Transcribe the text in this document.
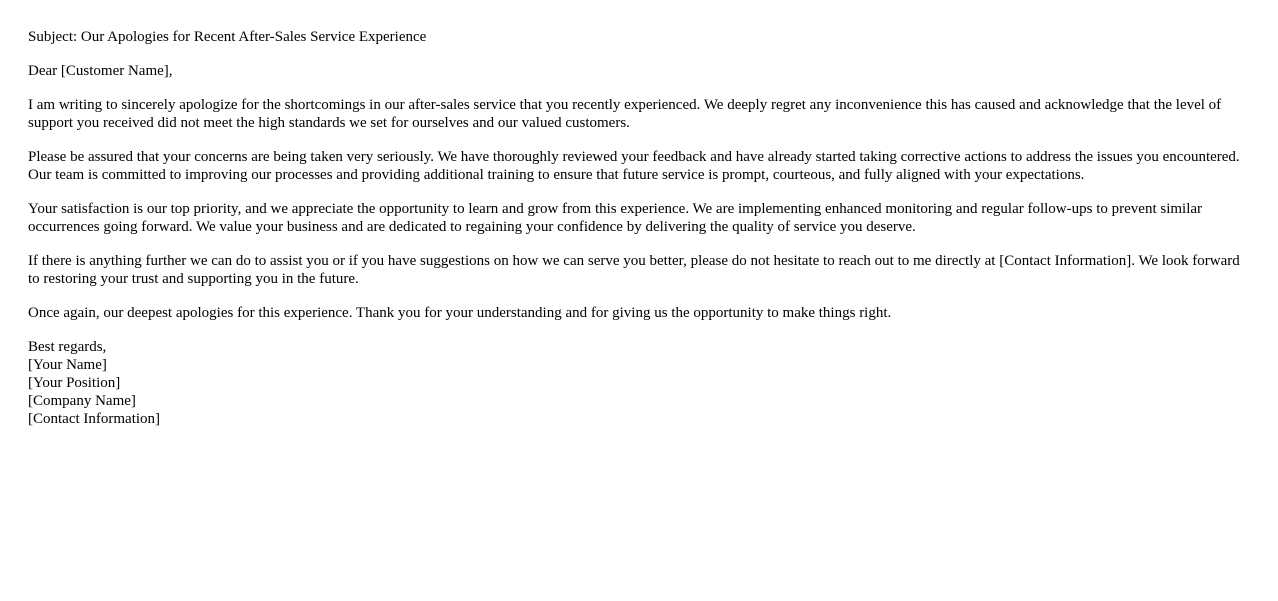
Subject: Our Apologies for Recent After-Sales Service Experience

Dear [Customer Name],

I am writing to sincerely apologize for the shortcomings in our after-sales service that you recently experienced. We deeply regret any inconvenience this has caused and acknowledge that the level of support you received did not meet the high standards we set for ourselves and our valued customers.

Please be assured that your concerns are being taken very seriously. We have thoroughly reviewed your feedback and have already started taking corrective actions to address the issues you encountered. Our team is committed to improving our processes and providing additional training to ensure that future service is prompt, courteous, and fully aligned with your expectations.

Your satisfaction is our top priority, and we appreciate the opportunity to learn and grow from this experience. We are implementing enhanced monitoring and regular follow-ups to prevent similar occurrences going forward. We value your business and are dedicated to regaining your confidence by delivering the quality of service you deserve.

If there is anything further we can do to assist you or if you have suggestions on how we can serve you better, please do not hesitate to reach out to me directly at [Contact Information]. We look forward to restoring your trust and supporting you in the future.

Once again, our deepest apologies for this experience. Thank you for your understanding and for giving us the opportunity to make things right.

Best regards,
[Your Name]
[Your Position]
[Company Name]
[Contact Information]
